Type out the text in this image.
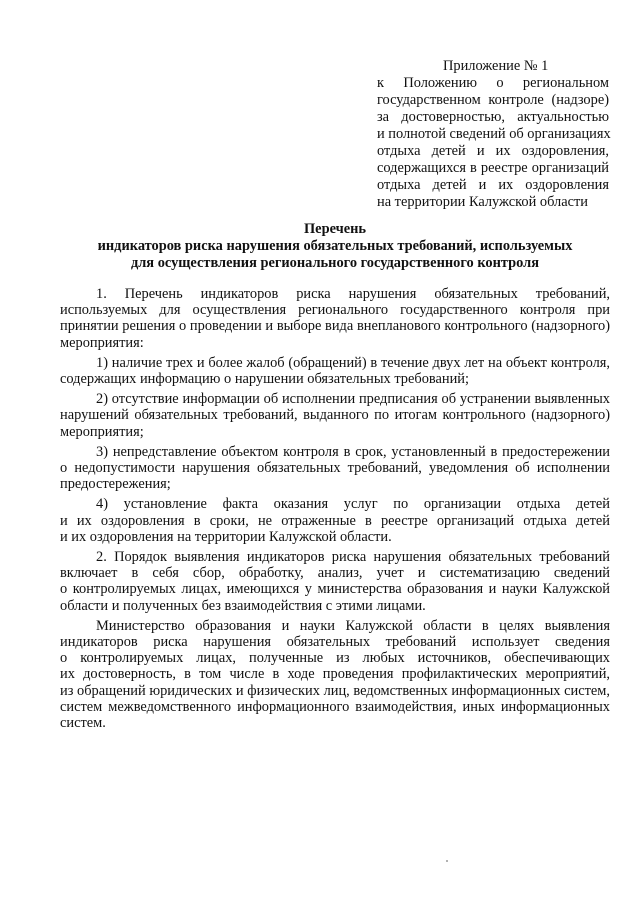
Приложение № 1
к Положению о региональном
государственном контроле (надзоре)
за достоверностью, актуальностью
и полнотой сведений об организациях
отдыха детей и их оздоровления,
содержащихся в реестре организаций
отдыха детей и их оздоровления
на территории Калужской области
Перечень
индикаторов риска нарушения обязательных требований, используемых
для осуществления регионального государственного контроля
1. Перечень индикаторов риска нарушения обязательных требований,
используемых для осуществления регионального государственного контроля при
принятии решения о проведении и выборе вида внепланового контрольного (надзорного)
мероприятия:
1) наличие трех и более жалоб (обращений) в течение двух лет на объект контроля,
содержащих информацию о нарушении обязательных требований;
2) отсутствие информации об исполнении предписания об устранении выявленных
нарушений обязательных требований, выданного по итогам контрольного (надзорного)
мероприятия;
3) непредставление объектом контроля в срок, установленный в предостережении
о недопустимости нарушения обязательных требований, уведомления об исполнении
предостережения;
4) установление факта оказания услуг по организации отдыха детей
и их оздоровления в сроки, не отраженные в реестре организаций отдыха детей
и их оздоровления на территории Калужской области.
2. Порядок выявления индикаторов риска нарушения обязательных требований
включает в себя сбор, обработку, анализ, учет и систематизацию сведений
о контролируемых лицах, имеющихся у министерства образования и науки Калужской
области и полученных без взаимодействия с этими лицами.
Министерство образования и науки Калужской области в целях выявления
индикаторов риска нарушения обязательных требований использует сведения
о контролируемых лицах, полученные из любых источников, обеспечивающих
их достоверность, в том числе в ходе проведения профилактических мероприятий,
из обращений юридических и физических лиц, ведомственных информационных систем,
систем межведомственного информационного взаимодействия, иных информационных
систем.
